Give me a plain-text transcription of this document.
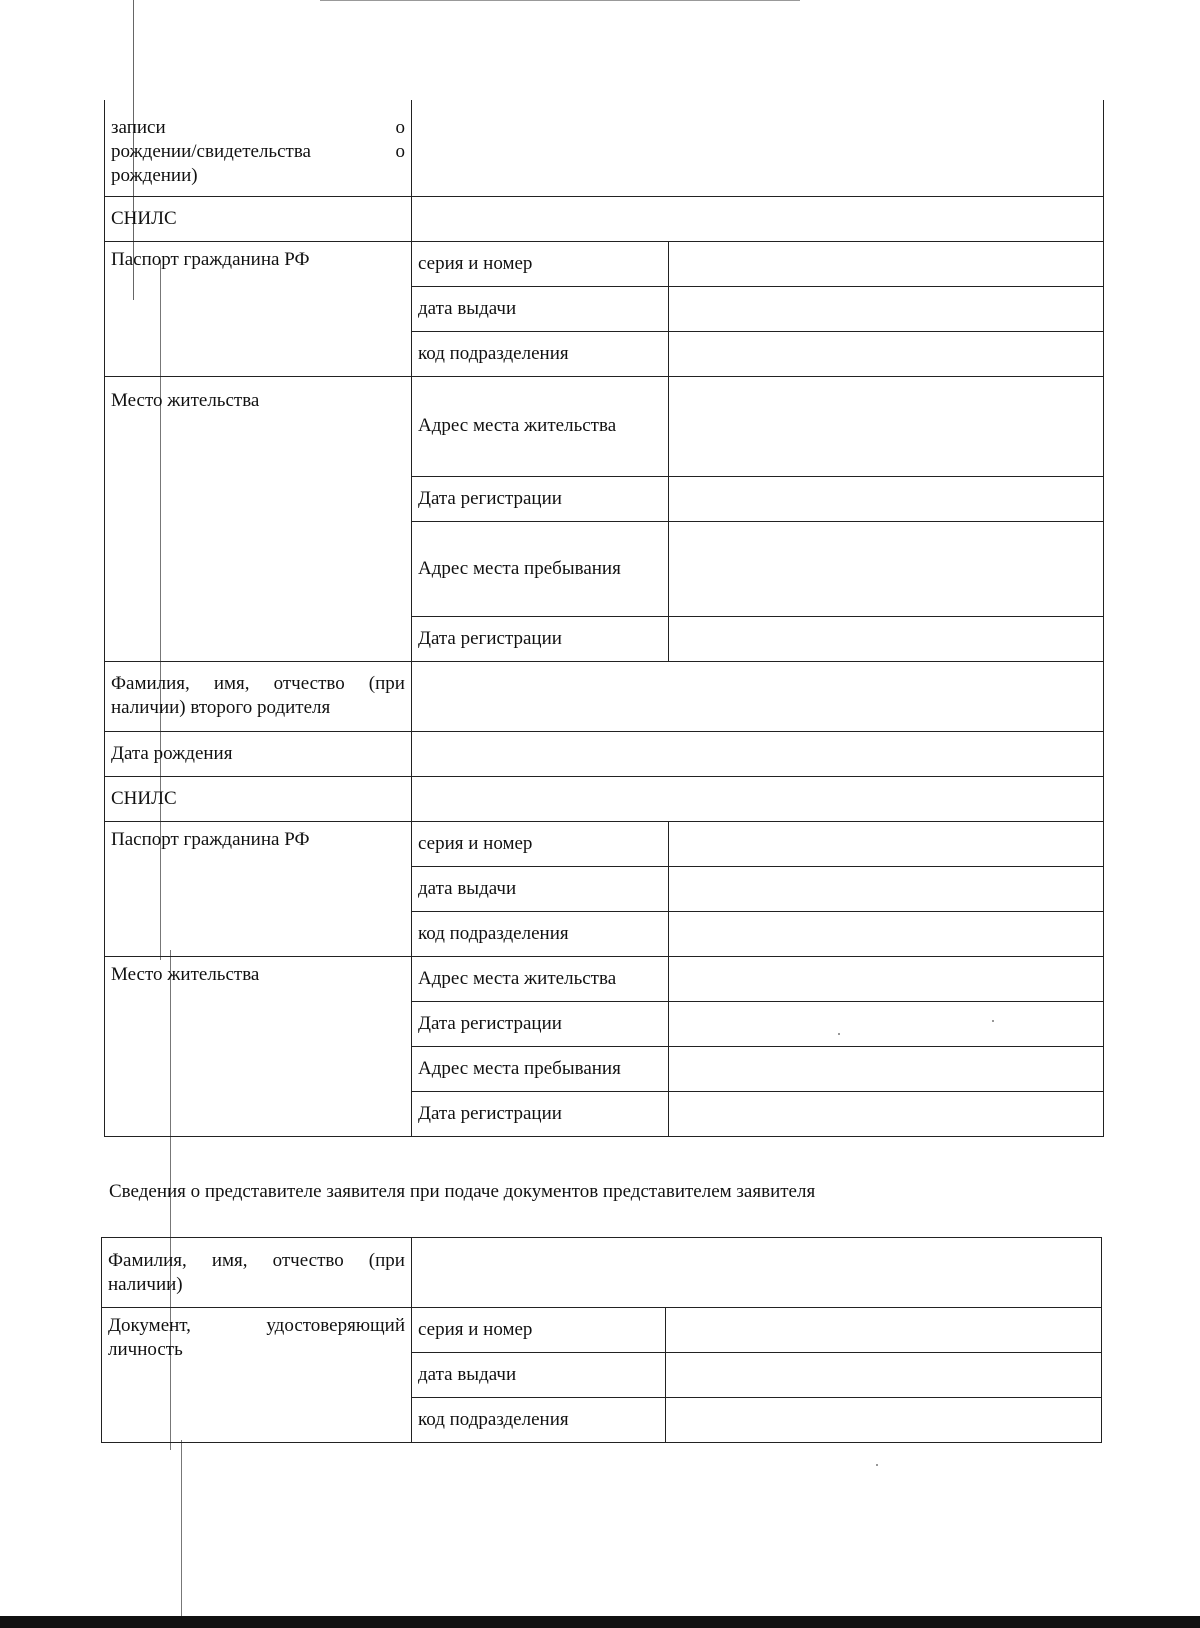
записи о
рождении/свидетельства о
рождении)		

СНИЛС		
Паспорт гражданина РФ	серия и номер	
	дата выдачи	
	код подразделения	
Место жительства	Адрес места жительства	
	Дата регистрации	
	Адрес места пребывания	
	Дата регистрации	

Фамилия, имя, отчество (при
наличии) второго родителя		

Дата рождения		
СНИЛС		
Паспорт гражданина РФ	серия и номер	
	дата выдачи	
	код подразделения	
Место жительства	Адрес места жительства	
	Дата регистрации	
	Адрес места пребывания	
	Дата регистрации	
Сведения о представителе заявителя при подаче документов представителем заявителя
Фамилия, имя, отчество (при
наличии)		

Документ, удостоверяющий
личность	серия и номер	
	дата выдачи	
	код подразделения	
